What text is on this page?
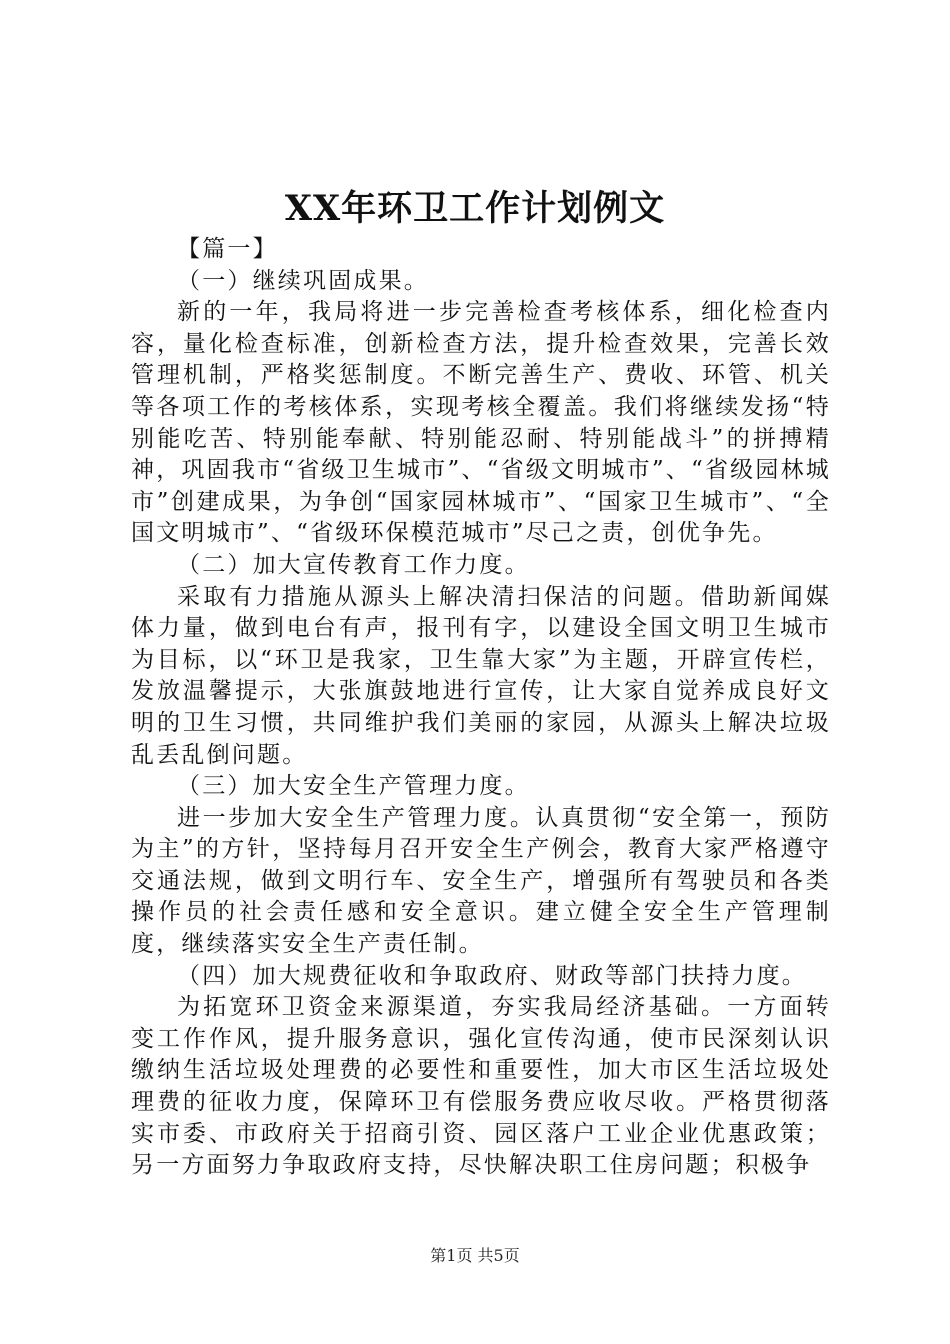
XX年环卫工作计划例文

【篇一】

（一）继续巩固成果。

新的一年，我局将进一步完善检查考核体系，细化检查内容，量化检查标准，创新检查方法，提升检查效果，完善长效管理机制，严格奖惩制度。不断完善生产、费收、环管、机关等各项工作的考核体系，实现考核全覆盖。我们将继续发扬“特别能吃苦、特别能奉献、特别能忍耐、特别能战斗”的拼搏精神，巩固我市“省级卫生城市”、“省级文明城市”、“省级园林城市”创建成果，为争创“国家园林城市”、“国家卫生城市”、“全国文明城市”、“省级环保模范城市”尽己之责，创优争先。

（二）加大宣传教育工作力度。

采取有力措施从源头上解决清扫保洁的问题。借助新闻媒体力量，做到电台有声，报刊有字，以建设全国文明卫生城市为目标，以“环卫是我家，卫生靠大家”为主题，开辟宣传栏，发放温馨提示，大张旗鼓地进行宣传，让大家自觉养成良好文明的卫生习惯，共同维护我们美丽的家园，从源头上解决垃圾乱丢乱倒问题。

（三）加大安全生产管理力度。

进一步加大安全生产管理力度。认真贯彻“安全第一，预防为主”的方针，坚持每月召开安全生产例会，教育大家严格遵守交通法规，做到文明行车、安全生产，增强所有驾驶员和各类操作员的社会责任感和安全意识。建立健全安全生产管理制度，继续落实安全生产责任制。

（四）加大规费征收和争取政府、财政等部门扶持力度。

为拓宽环卫资金来源渠道，夯实我局经济基础。一方面转变工作作风，提升服务意识，强化宣传沟通，使市民深刻认识缴纳生活垃圾处理费的必要性和重要性，加大市区生活垃圾处理费的征收力度，保障环卫有偿服务费应收尽收。严格贯彻落实市委、市政府关于招商引资、园区落户工业企业优惠政策；另一方面努力争取政府支持，尽快解决职工住房问题；积极争

第1页 共5页
